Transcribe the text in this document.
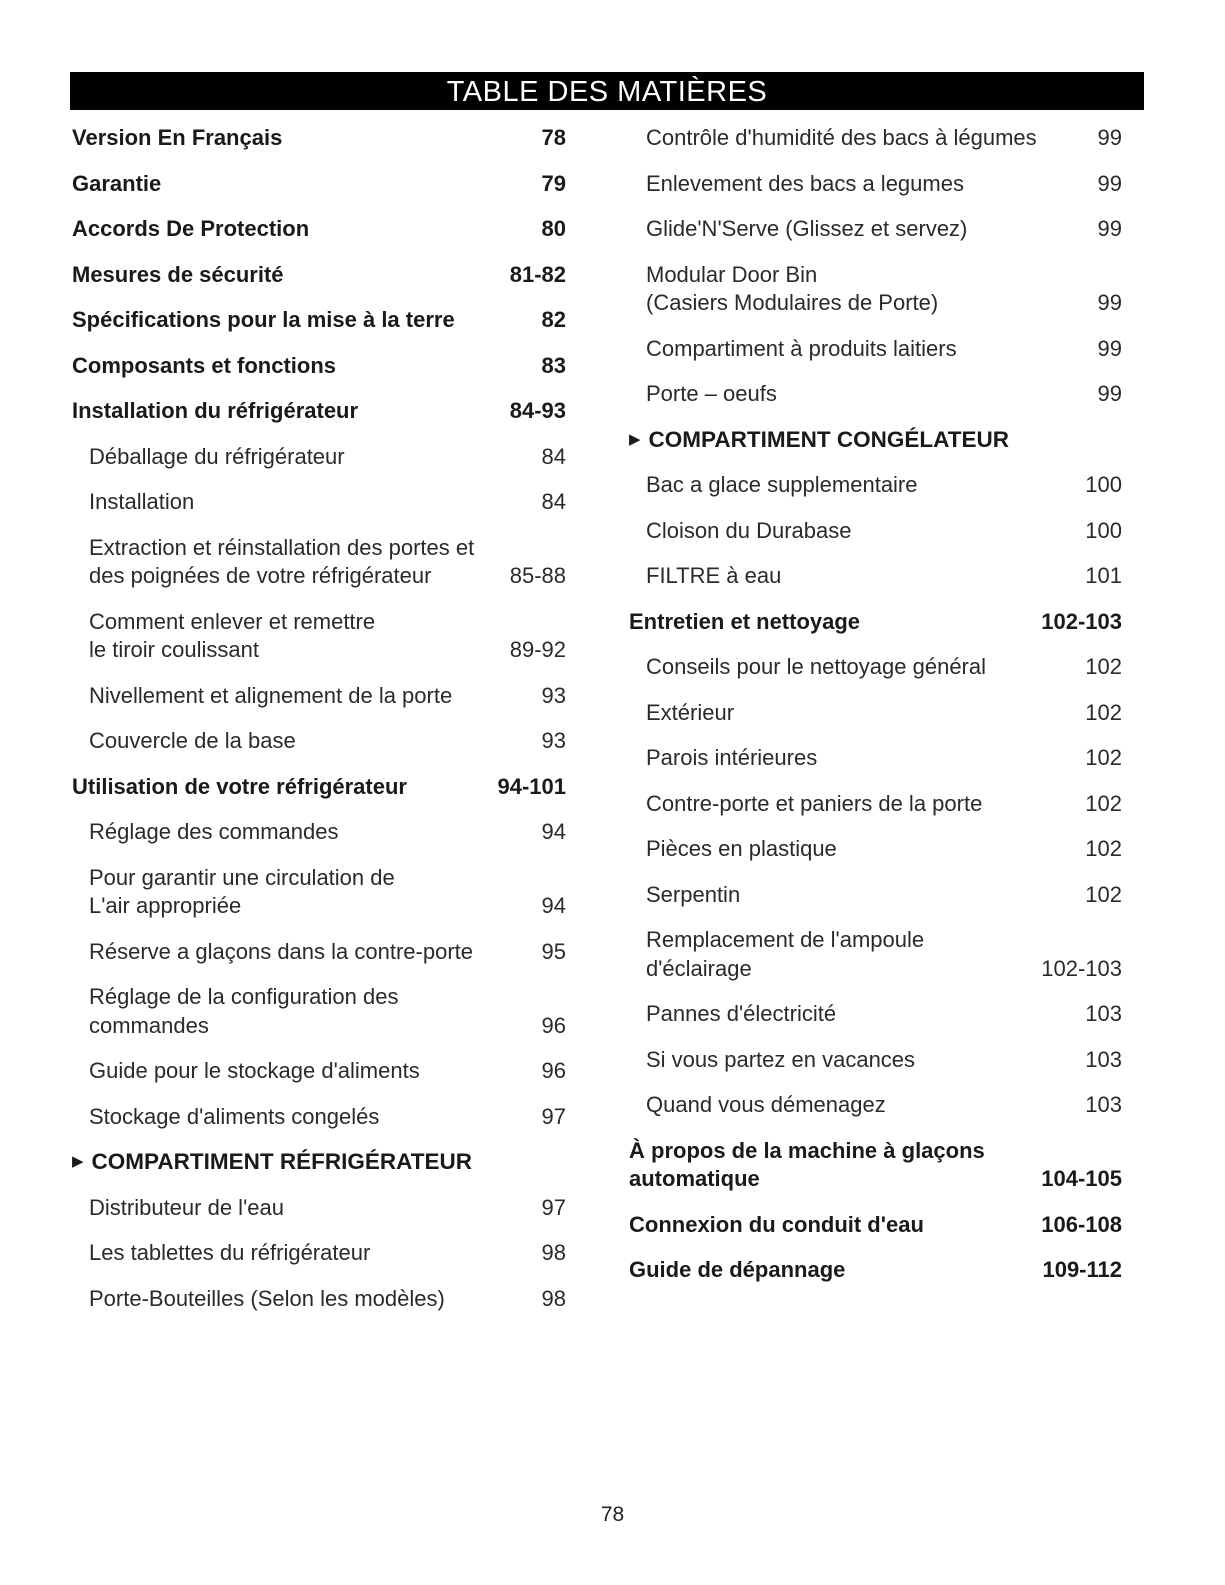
TABLE DES MATIÈRES
Version En Français	78
Garantie	79
Accords De Protection	80
Mesures de sécurité	81-82
Spécifications pour la mise à la terre	82
Composants et fonctions	83
Installation du réfrigérateur	84-93
Déballage du réfrigérateur	84
Installation	84
Extraction et réinstallation des portes et
des poignées de votre réfrigérateur	85-88
Comment enlever et remettre
le tiroir coulissant	89-92
Nivellement et alignement de la porte	93
Couvercle de la base	93
Utilisation de votre réfrigérateur	94-101
Réglage des commandes	94
Pour garantir une circulation de
L'air appropriée	94
Réserve a glaçons dans la contre-porte	95
Réglage de la configuration des
commandes	96
Guide pour le stockage d'aliments	96
Stockage d'aliments congelés	97
▶ COMPARTIMENT RÉFRIGÉRATEUR
Distributeur de l'eau	97
Les tablettes du réfrigérateur	98
Porte-Bouteilles (Selon les modèles)	98
Contrôle d'humidité des bacs à légumes	99
Enlevement des bacs a legumes	99
Glide'N'Serve (Glissez et servez)	99
Modular Door Bin
(Casiers Modulaires de Porte)	99
Compartiment à produits laitiers	99
Porte – oeufs	99
▶ COMPARTIMENT CONGÉLATEUR
Bac a glace supplementaire	100
Cloison du Durabase	100
FILTRE à eau	101
Entretien et nettoyage	102-103
Conseils pour le nettoyage général	102
Extérieur	102
Parois intérieures	102
Contre-porte et paniers de la porte	102
Pièces en plastique	102
Serpentin	102
Remplacement de l'ampoule
d'éclairage	102-103
Pannes d'électricité	103
Si vous partez en vacances	103
Quand vous démenagez	103
À propos de la machine à glaçons
automatique	104-105
Connexion du conduit d'eau	106-108
Guide de dépannage	109-112
78
